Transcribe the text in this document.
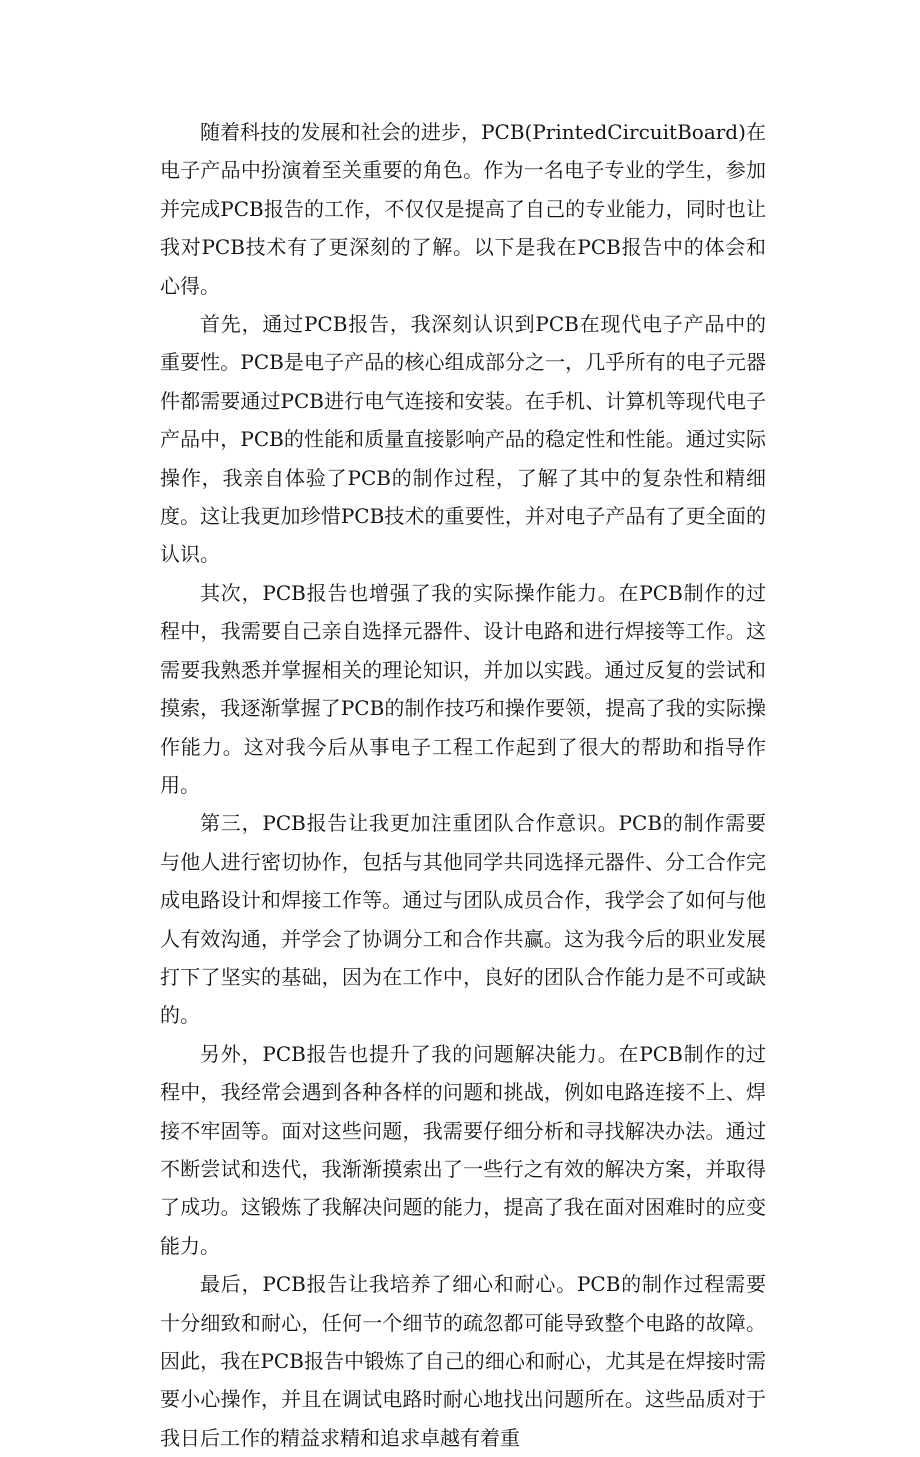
随着科技的发展和社会的进步，PCB(PrintedCircuitBoard)在电子产品中扮演着至关重要的角色。作为一名电子专业的学生，参加并完成PCB报告的工作，不仅仅是提高了自己的专业能力，同时也让我对PCB技术有了更深刻的了解。以下是我在PCB报告中的体会和心得。

首先，通过PCB报告，我深刻认识到PCB在现代电子产品中的重要性。PCB是电子产品的核心组成部分之一，几乎所有的电子元器件都需要通过PCB进行电气连接和安装。在手机、计算机等现代电子产品中，PCB的性能和质量直接影响产品的稳定性和性能。通过实际操作，我亲自体验了PCB的制作过程，了解了其中的复杂性和精细度。这让我更加珍惜PCB技术的重要性，并对电子产品有了更全面的认识。

其次，PCB报告也增强了我的实际操作能力。在PCB制作的过程中，我需要自己亲自选择元器件、设计电路和进行焊接等工作。这需要我熟悉并掌握相关的理论知识，并加以实践。通过反复的尝试和摸索，我逐渐掌握了PCB的制作技巧和操作要领，提高了我的实际操作能力。这对我今后从事电子工程工作起到了很大的帮助和指导作用。

第三，PCB报告让我更加注重团队合作意识。PCB的制作需要与他人进行密切协作，包括与其他同学共同选择元器件、分工合作完成电路设计和焊接工作等。通过与团队成员合作，我学会了如何与他人有效沟通，并学会了协调分工和合作共赢。这为我今后的职业发展打下了坚实的基础，因为在工作中，良好的团队合作能力是不可或缺的。

另外，PCB报告也提升了我的问题解决能力。在PCB制作的过程中，我经常会遇到各种各样的问题和挑战，例如电路连接不上、焊接不牢固等。面对这些问题，我需要仔细分析和寻找解决办法。通过不断尝试和迭代，我渐渐摸索出了一些行之有效的解决方案，并取得了成功。这锻炼了我解决问题的能力，提高了我在面对困难时的应变能力。

最后，PCB报告让我培养了细心和耐心。PCB的制作过程需要十分细致和耐心，任何一个细节的疏忽都可能导致整个电路的故障。因此，我在PCB报告中锻炼了自己的细心和耐心，尤其是在焊接时需要小心操作，并且在调试电路时耐心地找出问题所在。这些品质对于我日后工作的精益求精和追求卓越有着重
